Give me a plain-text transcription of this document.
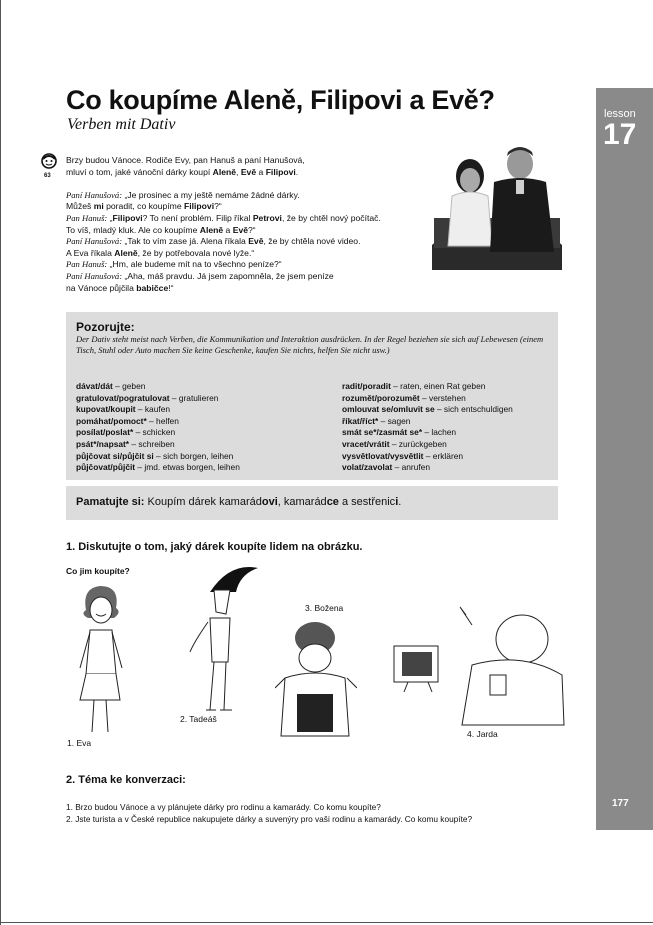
lesson
17
177
Co koupíme Aleně, Filipovi a Evě?
Verben mit Dativ
63

Brzy budou Vánoce. Rodiče Evy, pan Hanuš a paní Hanušová,

mluví o tom, jaké vánoční dárky koupí Aleně, Evě a Filipovi.

Paní Hanušová: „Je prosinec a my ještě nemáme žádné dárky.

Můžeš mi poradit, co koupíme Filipovi?“

Pan Hanuš: „Filipovi? To není problém. Filip říkal Petrovi, že by chtěl nový počítač.

To víš, mladý kluk. Ale co koupíme Aleně a Evě?“

Paní Hanušová: „Tak to vím zase já. Alena říkala Evě, že by chtěla nové video.

A Eva říkala Aleně, že by potřebovala nové lyže.“

Pan Hanuš: „Hm, ale budeme mít na to všechno peníze?“

Paní Hanušová: „Aha, máš pravdu. Já jsem zapomněla, že jsem peníze

na Vánoce půjčila babičce!“

Pozorujte:
Der Dativ steht meist nach Verben, die Kommunikation und Interaktion ausdrücken. In der Regel beziehen sie sich auf Lebewesen (einem Tisch, Stuhl oder Auto machen Sie keine Geschenke, kaufen Sie nichts, helfen Sie nicht usw.)

dávat/dát – geben

gratulovat/pogratulovat – gratulieren

kupovat/koupit – kaufen

pomáhat/pomoct* – helfen

posílat/poslat* – schicken

psát*/napsat* – schreiben

půjčovat si/půjčit si – sich borgen, leihen

půjčovat/půjčit – jmd. etwas borgen, leihen

radit/poradit – raten, einen Rat geben

rozumět/porozumět – verstehen

omlouvat se/omluvit se – sich entschuldigen

říkat/říct* – sagen

smát se*/zasmát se* – lachen

vracet/vrátit – zurückgeben

vysvětlovat/vysvětlit – erklären

volat/zavolat – anrufen

Pamatujte si: Koupím dárek kamarádovi, kamarádce a sestřenici.
1. Diskutujte o tom, jaký dárek koupíte lidem na obrázku.
Co jim koupíte?
1. Eva
2. Tadeáš
3. Božena
4. Jarda
2. Téma ke konverzaci:
1. Brzo budou Vánoce a vy plánujete dárky pro rodinu a kamarády. Co komu koupíte?
2. Jste turista a v České republice nakupujete dárky a suvenýry pro vaši rodinu a kamarády. Co komu koupíte?
